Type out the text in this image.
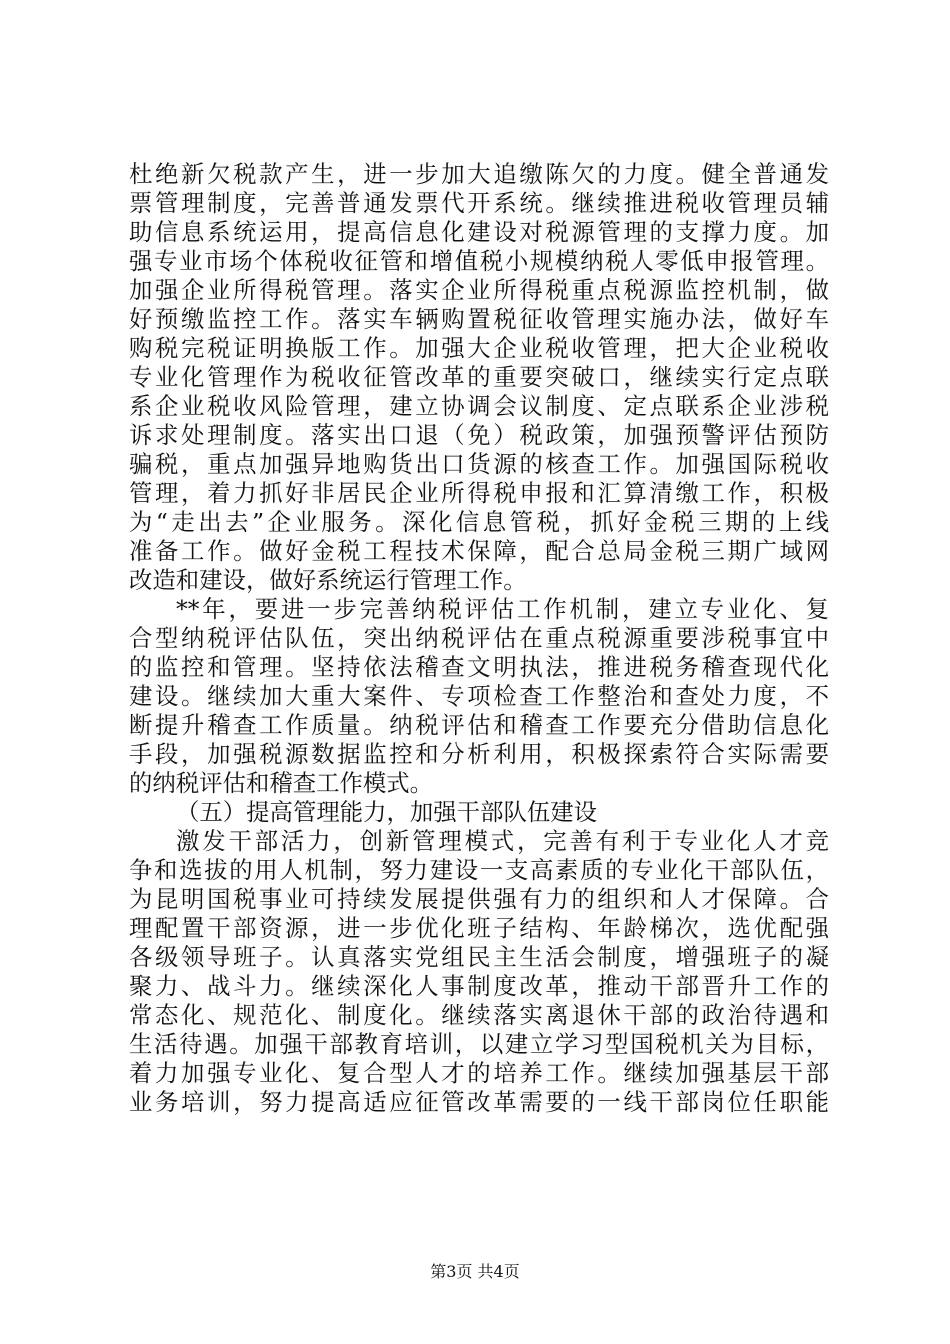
杜绝新欠税款产生，进一步加大追缴陈欠的力度。健全普通发
票管理制度，完善普通发票代开系统。继续推进税收管理员辅
助信息系统运用，提高信息化建设对税源管理的支撑力度。加
强专业市场个体税收征管和增值税小规模纳税人零低申报管理。
加强企业所得税管理。落实企业所得税重点税源监控机制，做
好预缴监控工作。落实车辆购置税征收管理实施办法，做好车
购税完税证明换版工作。加强大企业税收管理，把大企业税收
专业化管理作为税收征管改革的重要突破口，继续实行定点联
系企业税收风险管理，建立协调会议制度、定点联系企业涉税
诉求处理制度。落实出口退（免）税政策，加强预警评估预防
骗税，重点加强异地购货出口货源的核查工作。加强国际税收
管理，着力抓好非居民企业所得税申报和汇算清缴工作，积极
为“走出去”企业服务。深化信息管税，抓好金税三期的上线
准备工作。做好金税工程技术保障，配合总局金税三期广域网
改造和建设，做好系统运行管理工作。
**年，要进一步完善纳税评估工作机制，建立专业化、复
合型纳税评估队伍，突出纳税评估在重点税源重要涉税事宜中
的监控和管理。坚持依法稽查文明执法，推进税务稽查现代化
建设。继续加大重大案件、专项检查工作整治和查处力度，不
断提升稽查工作质量。纳税评估和稽查工作要充分借助信息化
手段，加强税源数据监控和分析利用，积极探索符合实际需要
的纳税评估和稽查工作模式。
（五）提高管理能力，加强干部队伍建设
激发干部活力，创新管理模式，完善有利于专业化人才竞
争和选拔的用人机制，努力建设一支高素质的专业化干部队伍，
为昆明国税事业可持续发展提供强有力的组织和人才保障。合
理配置干部资源，进一步优化班子结构、年龄梯次，选优配强
各级领导班子。认真落实党组民主生活会制度，增强班子的凝
聚力、战斗力。继续深化人事制度改革，推动干部晋升工作的
常态化、规范化、制度化。继续落实离退休干部的政治待遇和
生活待遇。加强干部教育培训，以建立学习型国税机关为目标，
着力加强专业化、复合型人才的培养工作。继续加强基层干部
业务培训，努力提高适应征管改革需要的一线干部岗位任职能
第3页 共4页
